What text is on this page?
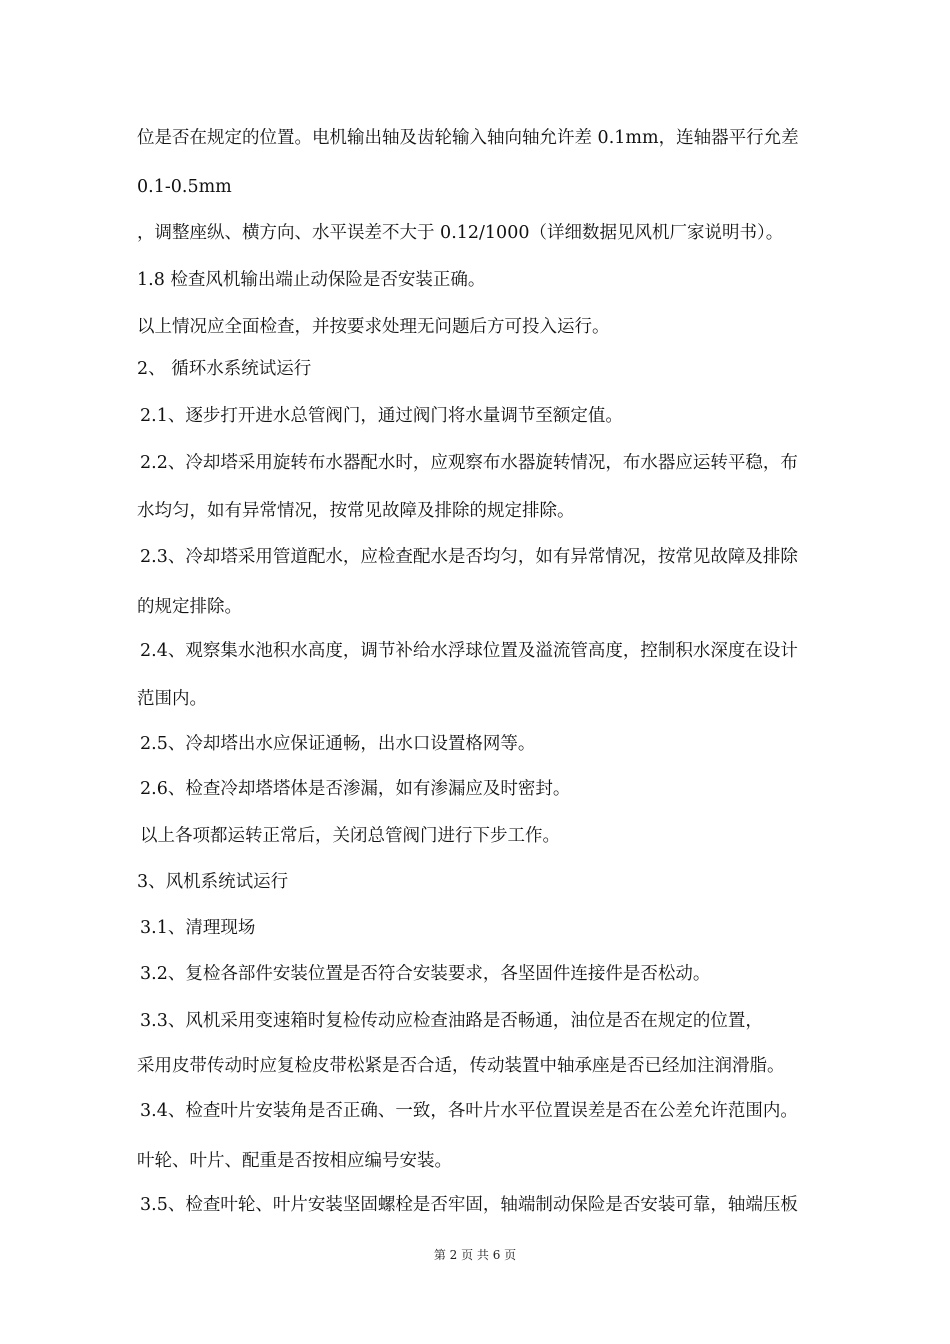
位是否在规定的位置。电机输出轴及齿轮输入轴向轴允许差 0.1mm，连轴器平行允差
0.1-0.5mm
，调整座纵、横方向、水平误差不大于 0.12/1000（详细数据见风机厂家说明书）。
1.8 检查风机输出端止动保险是否安装正确。
以上情况应全面检查，并按要求处理无问题后方可投入运行。
2、 循环水系统试运行
2.1、逐步打开进水总管阀门，通过阀门将水量调节至额定值。
2.2、冷却塔采用旋转布水器配水时，应观察布水器旋转情况，布水器应运转平稳，布
水均匀，如有异常情况，按常见故障及排除的规定排除。
2.3、冷却塔采用管道配水，应检查配水是否均匀，如有异常情况，按常见故障及排除
的规定排除。
2.4、观察集水池积水高度，调节补给水浮球位置及溢流管高度，控制积水深度在设计
范围内。
2.5、冷却塔出水应保证通畅，出水口设置格网等。
2.6、检查冷却塔塔体是否渗漏，如有渗漏应及时密封。
以上各项都运转正常后，关闭总管阀门进行下步工作。
3、风机系统试运行
3.1、清理现场
3.2、复检各部件安装位置是否符合安装要求，各坚固件连接件是否松动。
3.3、风机采用变速箱时复检传动应检查油路是否畅通，油位是否在规定的位置，
采用皮带传动时应复检皮带松紧是否合适，传动装置中轴承座是否已经加注润滑脂。
3.4、检查叶片安装角是否正确、一致，各叶片水平位置误差是否在公差允许范围内。
叶轮、叶片、配重是否按相应编号安装。
3.5、检查叶轮、叶片安装坚固螺栓是否牢固，轴端制动保险是否安装可靠，轴端压板
第 2 页 共 6 页
